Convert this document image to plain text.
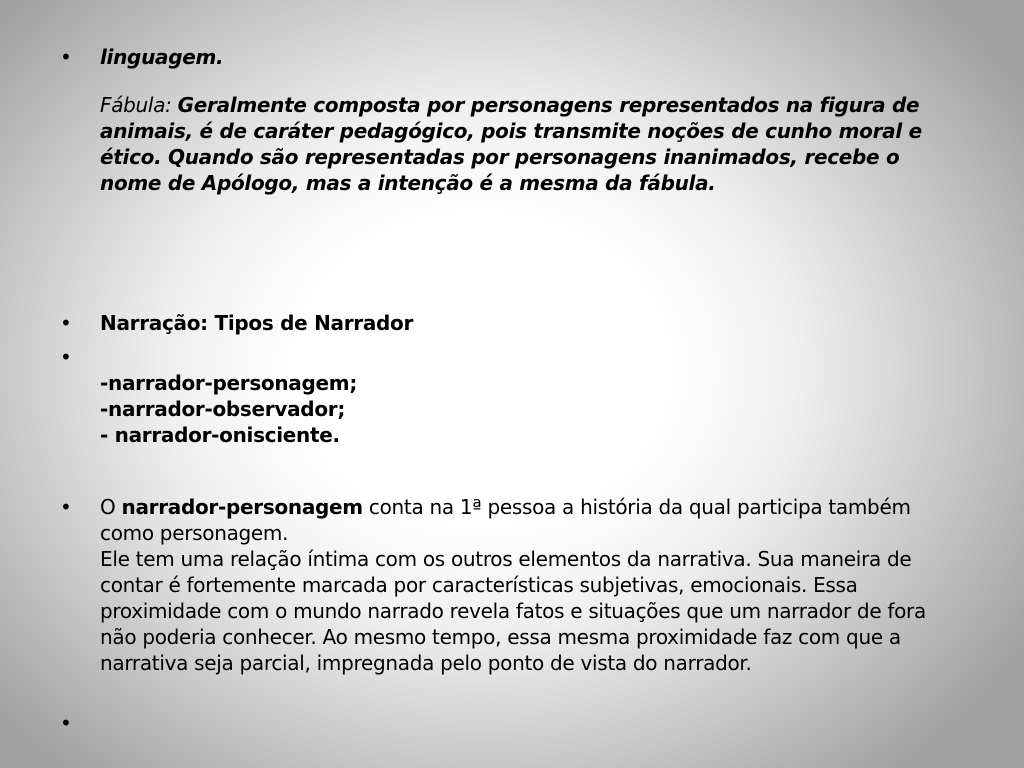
• linguagem.
Fábula: Geralmente composta por personagens representados na figura de animais, é de caráter pedagógico, pois transmite noções de cunho moral e ético. Quando são representadas por personagens inanimados, recebe o nome de Apólogo, mas a intenção é a mesma da fábula.
• Narração: Tipos de Narrador
•
-narrador-personagem;
-narrador-observador;
- narrador-onisciente.
• O narrador-personagem conta na 1ª pessoa a história da qual participa também como personagem.
Ele tem uma relação íntima com os outros elementos da narrativa. Sua maneira de contar é fortemente marcada por características subjetivas, emocionais. Essa proximidade com o mundo narrado revela fatos e situações que um narrador de fora não poderia conhecer. Ao mesmo tempo, essa mesma proximidade faz com que a narrativa seja parcial, impregnada pelo ponto de vista do narrador.
•
